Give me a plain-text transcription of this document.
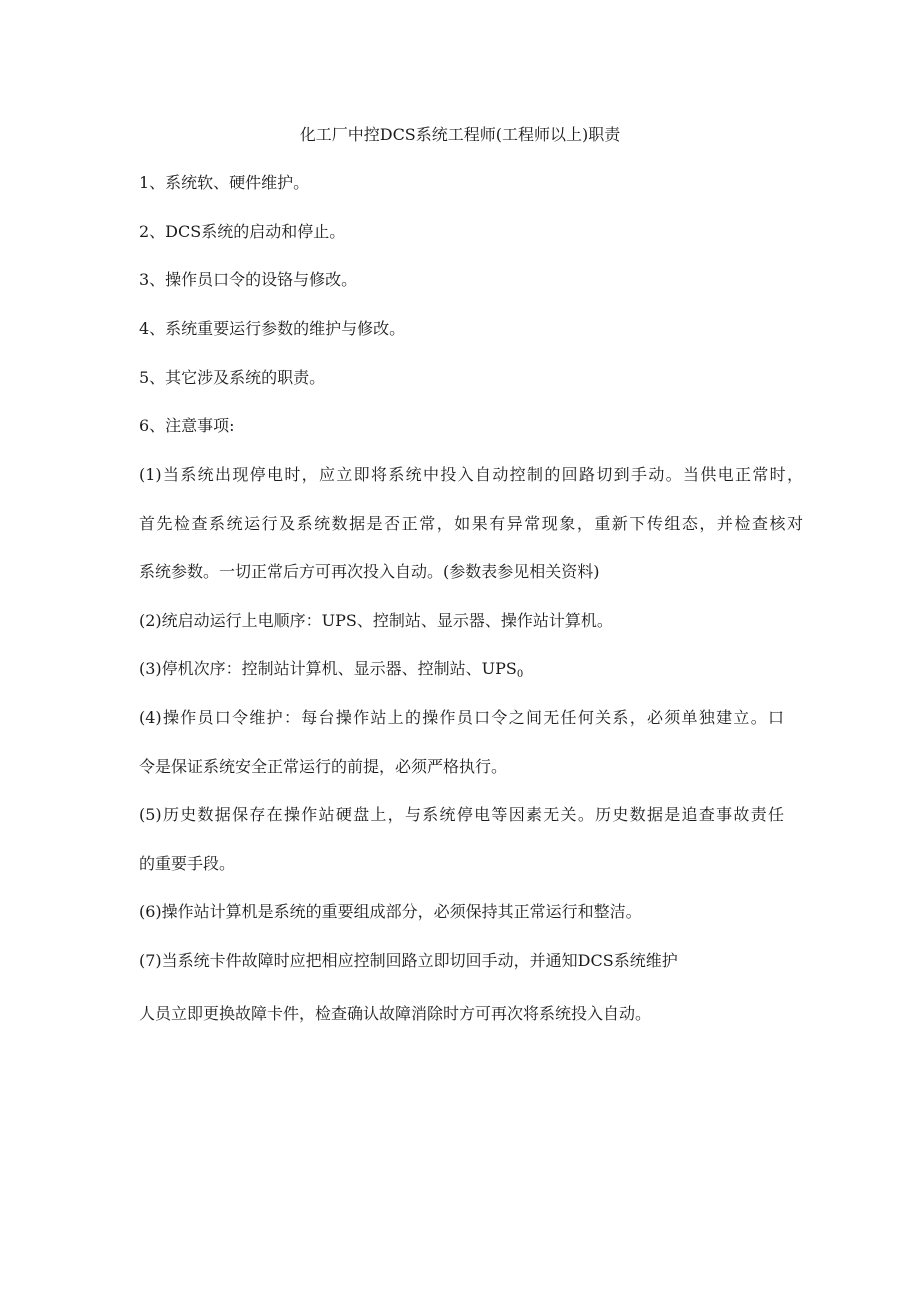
化工厂中控DCS系统工程师(工程师以上)职责
1、系统软、硬件维护。
2、DCS系统的启动和停止。
3、操作员口令的设铬与修改。
4、系统重要运行参数的维护与修改。
5、其它涉及系统的职责。
6、注意事项:
(1)当系统出现停电时，应立即将系统中投入自动控制的回路切到手动。当供电正常时，
首先检查系统运行及系统数据是否正常，如果有异常现象，重新下传组态，并检查核对
系统参数。一切正常后方可再次投入自动。(参数表参见相关资料)
(2)统启动运行上电顺序：UPS、控制站、显示器、操作站计算机。
(3)停机次序：控制站计算机、显示器、控制站、$UPS_0$
(4)操作员口令维护：每台操作站上的操作员口令之间无任何关系，必须单独建立。口
令是保证系统安全正常运行的前提，必须严格执行。
(5)历史数据保存在操作站硬盘上，与系统停电等因素无关。历史数据是追查事故责任
的重要手段。
(6)操作站计算机是系统的重要组成部分，必须保持其正常运行和整洁。
(7)当系统卡件故障时应把相应控制回路立即切回手动，并通知DCS系统维护
人员立即更换故障卡件，检查确认故障消除时方可再次将系统投入自动。
